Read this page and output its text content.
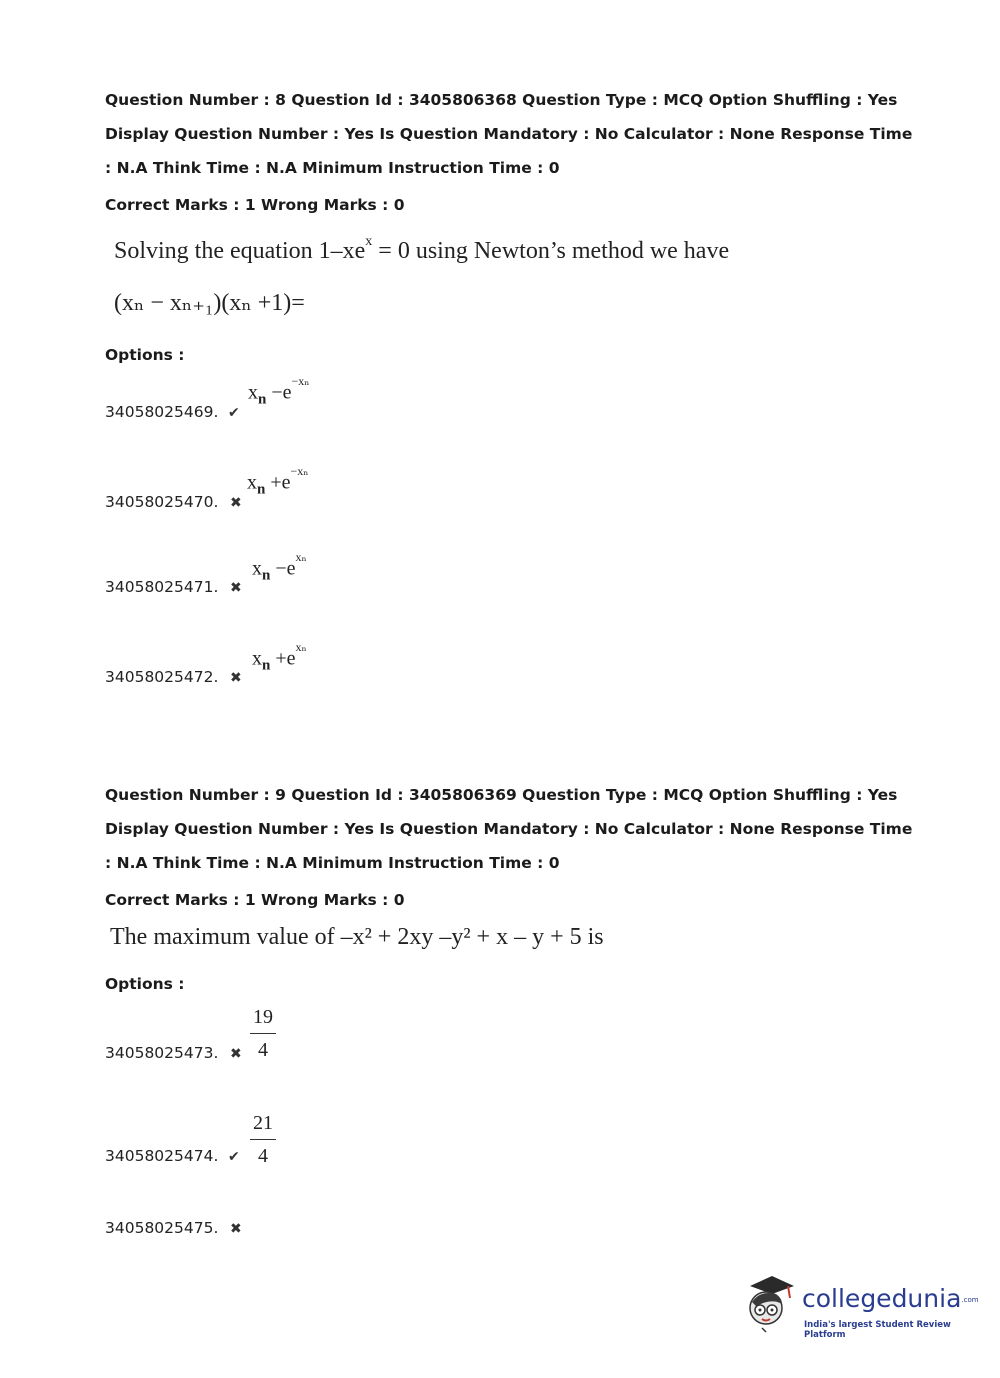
Question Number : 8 Question Id : 3405806368 Question Type : MCQ Option Shuffling : Yes
Display Question Number : Yes Is Question Mandatory : No Calculator : None Response Time
: N.A Think Time : N.A Minimum Instruction Time : 0
Correct Marks : 1 Wrong Marks : 0
Solving the equation $1-xe^x = 0$ using Newton’s method we have
(xₙ − xₙ₊₁)(xₙ +1)=
Options :
34058025469. ✔
$x_n -e^{-x_n}$
34058025470. ✖
$x_n +e^{-x_n}$
34058025471. ✖
$x_n -e^{x_n}$
34058025472. ✖
$x_n +e^{x_n}$
Question Number : 9 Question Id : 3405806369 Question Type : MCQ Option Shuffling : Yes
Display Question Number : Yes Is Question Mandatory : No Calculator : None Response Time
: N.A Think Time : N.A Minimum Instruction Time : 0
Correct Marks : 1 Wrong Marks : 0
The maximum value of –x² + 2xy –y² + x – y + 5 is
Options :
34058025473. ✖ $\frac{19}{4}$
34058025474. ✔ $\frac{21}{4}$
34058025475. ✖
collegedunia.com
India's largest Student Review Platform
